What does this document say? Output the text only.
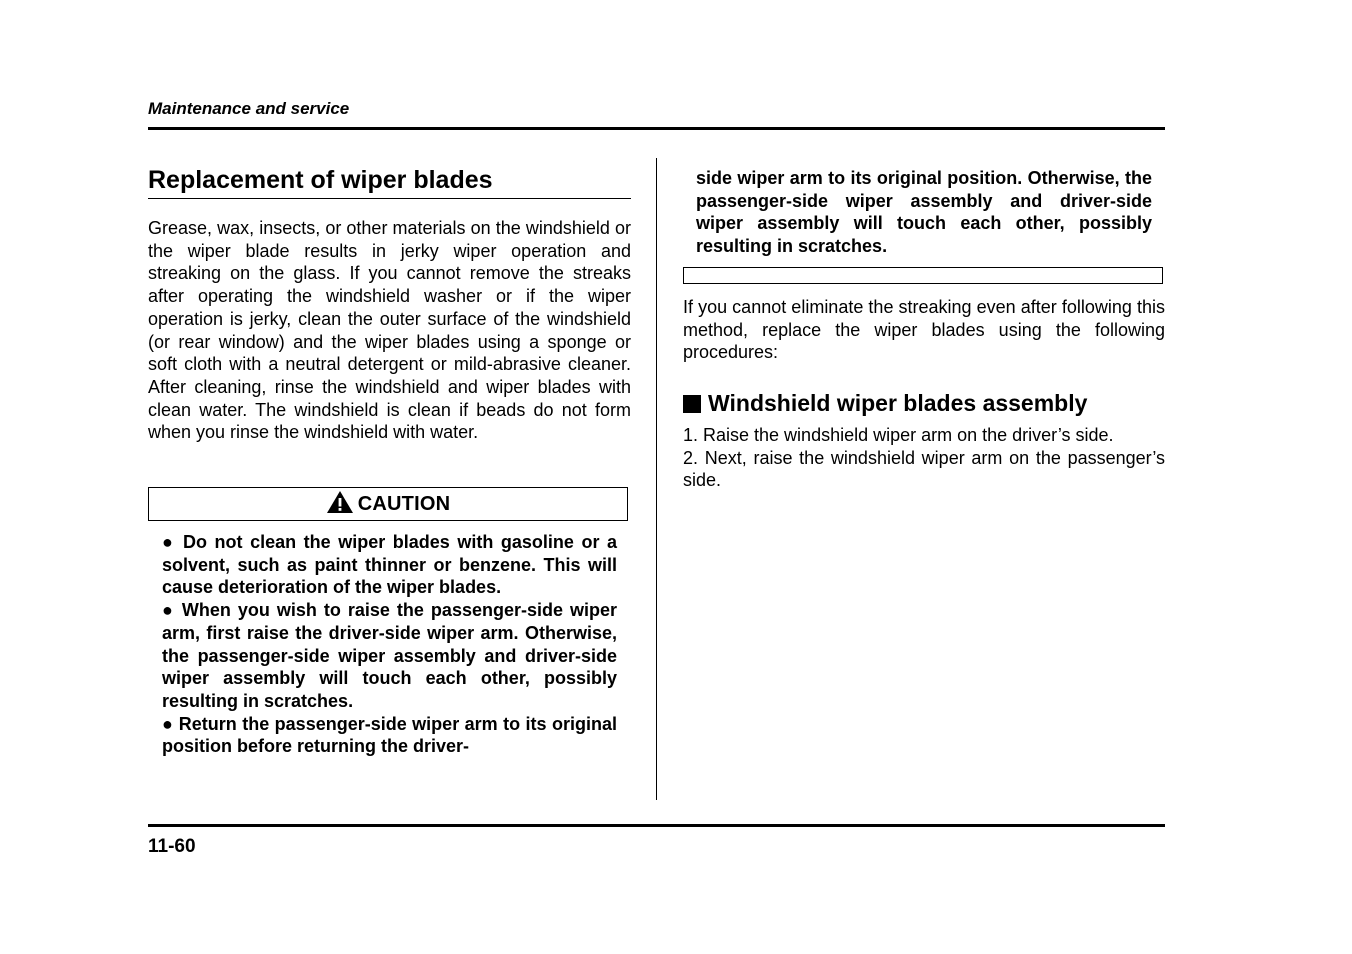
Maintenance and service
Replacement of wiper blades
Grease, wax, insects, or other materials on the windshield or the wiper blade results in jerky wiper operation and streaking on the glass. If you cannot remove the streaks after operating the windshield washer or if the wiper operation is jerky, clean the outer surface of the windshield (or rear window) and the wiper blades using a sponge or soft cloth with a neutral detergent or mild-abrasive cleaner. After cleaning, rinse the windshield and wiper blades with clean water. The windshield is clean if beads do not form when you rinse the windshield with water.
CAUTION

● Do not clean the wiper blades with gasoline or a solvent, such as paint thinner or benzene. This will cause deterioration of the wiper blades.

● When you wish to raise the passenger-side wiper arm, first raise the driver-side wiper arm. Otherwise, the passenger-side wiper assembly and driver-side wiper assembly will touch each other, possibly resulting in scratches.

● Return the passenger-side wiper arm to its original position before returning the driver-

side wiper arm to its original position. Otherwise, the passenger-side wiper assembly and driver-side wiper assembly will touch each other, possibly resulting in scratches.
If you cannot eliminate the streaking even after following this method, replace the wiper blades using the following procedures:
Windshield wiper blades assembly

1. Raise the windshield wiper arm on the driver’s side.

2. Next, raise the windshield wiper arm on the passenger’s side.

11-60
